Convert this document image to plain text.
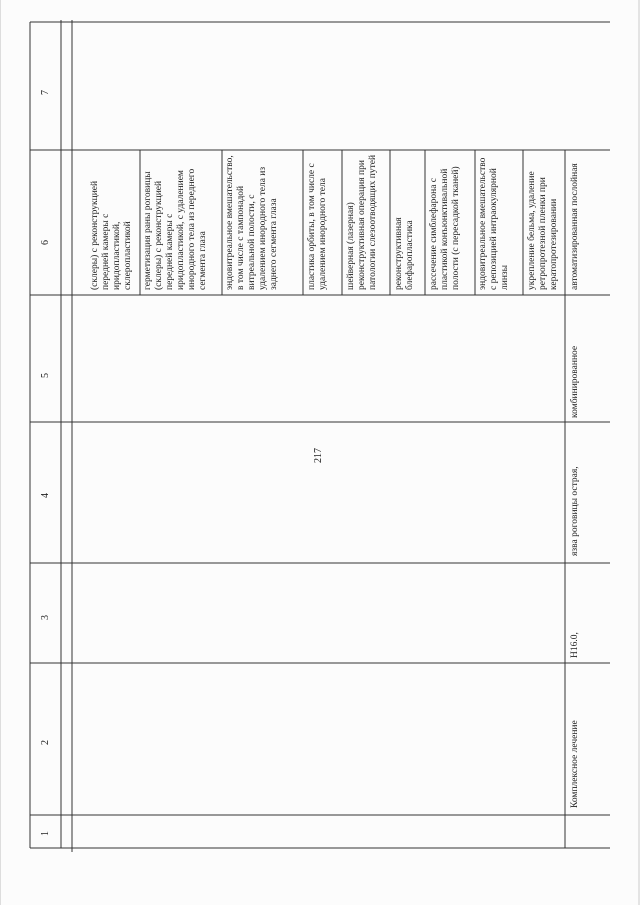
7
6
5
4
3
2
1
217
(склеры) с реконструкцией передней камеры с иридопластикой, склеропластикой герметизация раны роговицы (склеры) с реконструкцией передней камеры с иридопластикой, с удалением инородного тела из переднего сегмента глаза эндовитреальное вмешательство, в том числе с тампонадой витреальной полости, с удалением инородного тела из заднего сегмента глаза	пластика орбиты, в том числе с удалением инородного тела шейверная (лазерная) реконструктивная операция при патологии слезоотводящих путей реконструктивная блефаропластика рассечение симблефарона с пластикой конъюнктивальной полости (с пересадкой тканей) эндовитреальное вмешательство с репозицией интраокулярной линзы укрепление бельма, удаление ретропротезной пленки при кератопротезировании
Комплексное лечение
H16.0,
язва роговицы острая,
комбинированное
автоматизированная послойная
